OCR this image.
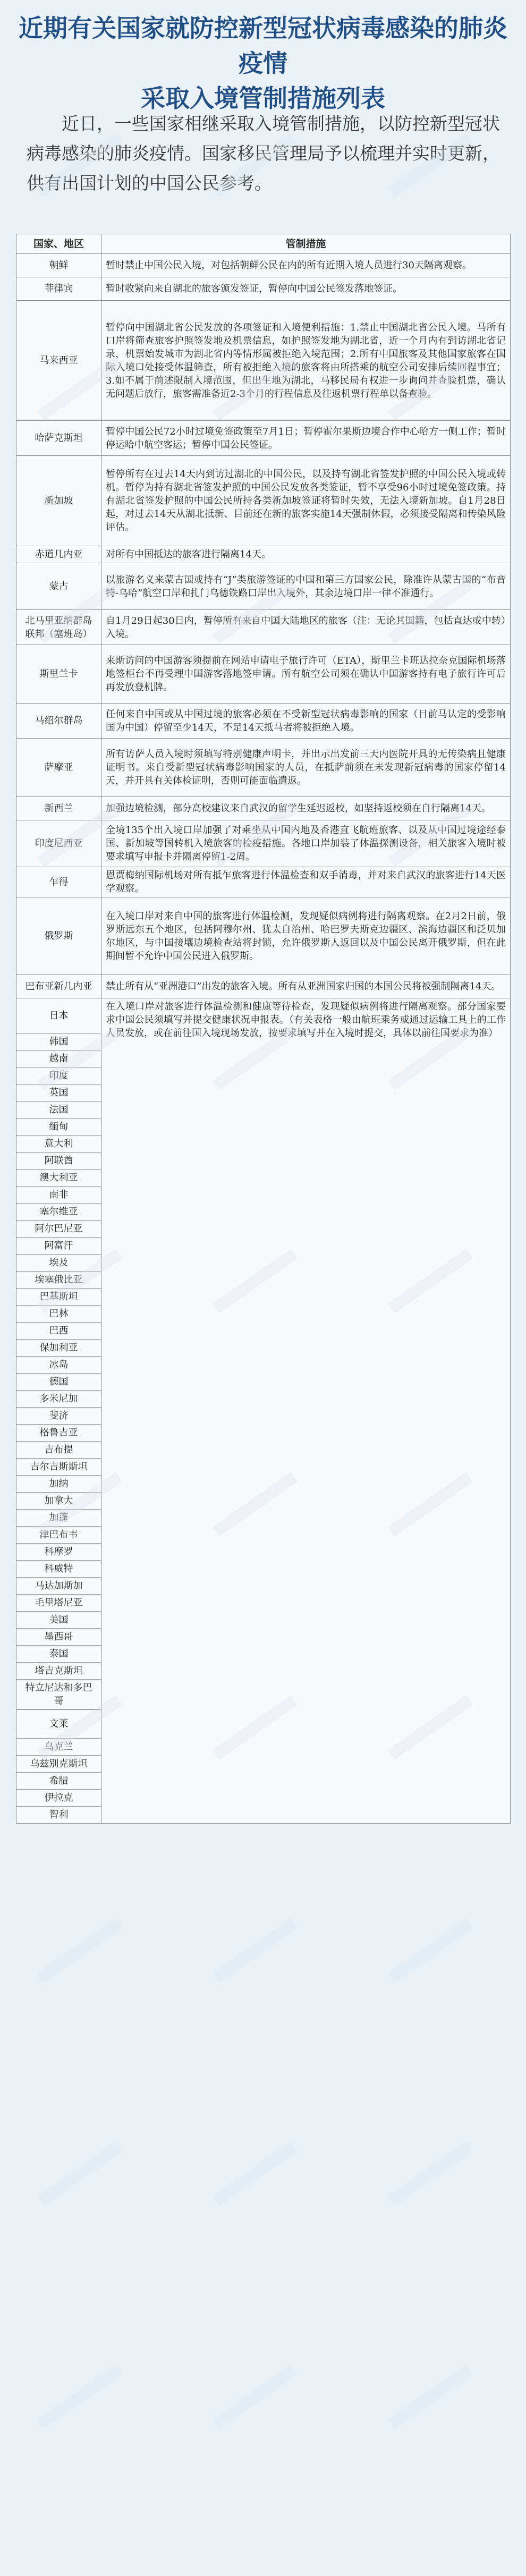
近期有关国家就防控新型冠状病毒感染的肺炎疫情
采取入境管制措施列表
近日，一些国家相继采取入境管制措施，以防控新型冠状病毒感染的肺炎疫情。国家移民管理局予以梳理并实时更新，供有出国计划的中国公民参考。
国家、地区	管制措施
朝鲜	暂时禁止中国公民入境，对包括朝鲜公民在内的所有近期入境人员进行30天隔离观察。
菲律宾	暂时收紧向来自湖北的旅客颁发签证，暂停向中国公民签发落地签证。
马来西亚	暂停向中国湖北省公民发放的各项签证和入境便利措施：1.禁止中国湖北省公民入境。马所有口岸将筛查旅客护照签发地及机票信息，如护照签发地为湖北省，近一个月内有到访湖北省记录，机票始发城市为湖北省内等情形属被拒绝入境范围；2.所有中国旅客及其他国家旅客在国际入境口处接受体温筛查，所有被拒绝入境的旅客将由所搭乘的航空公司安排后续回程事宜；3.如不属于前述限制入境范围，但出生地为湖北，马移民局有权进一步询问并查验机票，确认无问题后放行，旅客需准备近2-3个月的行程信息及往返机票行程单以备查验。
哈萨克斯坦	暂停中国公民72小时过境免签政策至7月1日；暂停霍尔果斯边境合作中心哈方一侧工作；暂时停运哈中航空客运；暂停中国公民签证。
新加坡	暂停所有在过去14天内到访过湖北的中国公民，以及持有湖北省签发护照的中国公民入境或转机。暂停为持有湖北省签发护照的中国公民发放各类签证，暂不享受96小时过境免签政策。持有湖北省签发护照的中国公民所持各类新加坡签证将暂时失效，无法入境新加坡。自1月28日起，对过去14天从湖北抵新、目前还在新的旅客实施14天强制休假，必须接受隔离和传染风险评估。
赤道几内亚	对所有中国抵达的旅客进行隔离14天。
蒙古	以旅游名义来蒙古国或持有“J”类旅游签证的中国和第三方国家公民，除准许从蒙古国的“布音特-乌哈”航空口岸和扎门乌德铁路口岸出入境外，其余边境口岸一律不准通行。
北马里亚纳群岛联邦（塞班岛）	自1月29日起30日内，暂停所有来自中国大陆地区的旅客（注：无论其国籍，包括直达或中转）入境。
斯里兰卡	来斯访问的中国游客须提前在网站申请电子旅行许可（ETA），斯里兰卡班达拉奈克国际机场落地签柜台不再受理中国游客落地签申请。所有航空公司须在确认中国游客持有电子旅行许可后再发放登机牌。
马绍尔群岛	任何来自中国或从中国过境的旅客必须在不受新型冠状病毒影响的国家（目前马认定的受影响国为中国）停留至少14天，不足14天抵马者将被拒绝入境。
萨摩亚	所有访萨人员入境时须填写特别健康声明卡，并出示出发前三天内医院开具的无传染病且健康证明书。来自受新型冠状病毒影响国家的人员，在抵萨前须在未发现新冠病毒的国家停留14天，并开具有关体检证明，否则可能面临遣返。
新西兰	加强边境检测，部分高校建议来自武汉的留学生延迟返校，如坚持返校须在自行隔离14天。
印度尼西亚	全境135个出入境口岸加强了对乘坐从中国内地及香港直飞航班旅客、以及从中国过境途经泰国、新加坡等国转机入境旅客的检疫措施。各地口岸加装了体温探测设备，相关旅客入境时被要求填写申报卡并隔离停留1-2周。
乍得	恩贾梅纳国际机场对所有抵乍旅客进行体温检查和双手消毒，并对来自武汉的旅客进行14天医学观察。
俄罗斯	在入境口岸对来自中国的旅客进行体温检测，发现疑似病例将进行隔离观察。在2月2日前，俄罗斯远东五个地区，包括阿穆尔州、犹太自治州、哈巴罗夫斯克边疆区、滨海边疆区和泛贝加尔地区，与中国接壤边境检查站将封锁，允许俄罗斯人返回以及中国公民离开俄罗斯，但在此期间暂不允许中国公民进入俄罗斯。
巴布亚新几内亚	禁止所有从“亚洲港口”出发的旅客入境。所有从亚洲国家归国的本国公民将被强制隔离14天。
日本	在入境口岸对旅客进行体温检测和健康等待检查，发现疑似病例将进行隔离观察。部分国家要求中国公民须填写并提交健康状况申报表。（有关表格一般由航班乘务或通过运输工具上的工作人员发放，或在前往国入境现场发放，按要求填写并在入境时提交，具体以前往国要求为准）
韩国	
越南	
印度	
英国	
法国	
缅甸	
意大利	
阿联酋	
澳大利亚	
南非	
塞尔维亚	
阿尔巴尼亚	
阿富汗	
埃及	
埃塞俄比亚	
巴基斯坦	
巴林	
巴西	
保加利亚	
冰岛	
德国	
多米尼加	
斐济	
格鲁吉亚	
吉布提	
吉尔吉斯斯坦	
加纳	
加拿大	
加蓬	
津巴布韦	
科摩罗	
科威特	
马达加斯加	
毛里塔尼亚	
美国	
墨西哥	
泰国	
塔吉克斯坦	
特立尼达和多巴哥	
文莱	
乌克兰	
乌兹别克斯坦	
希腊	
伊拉克	
智利	
